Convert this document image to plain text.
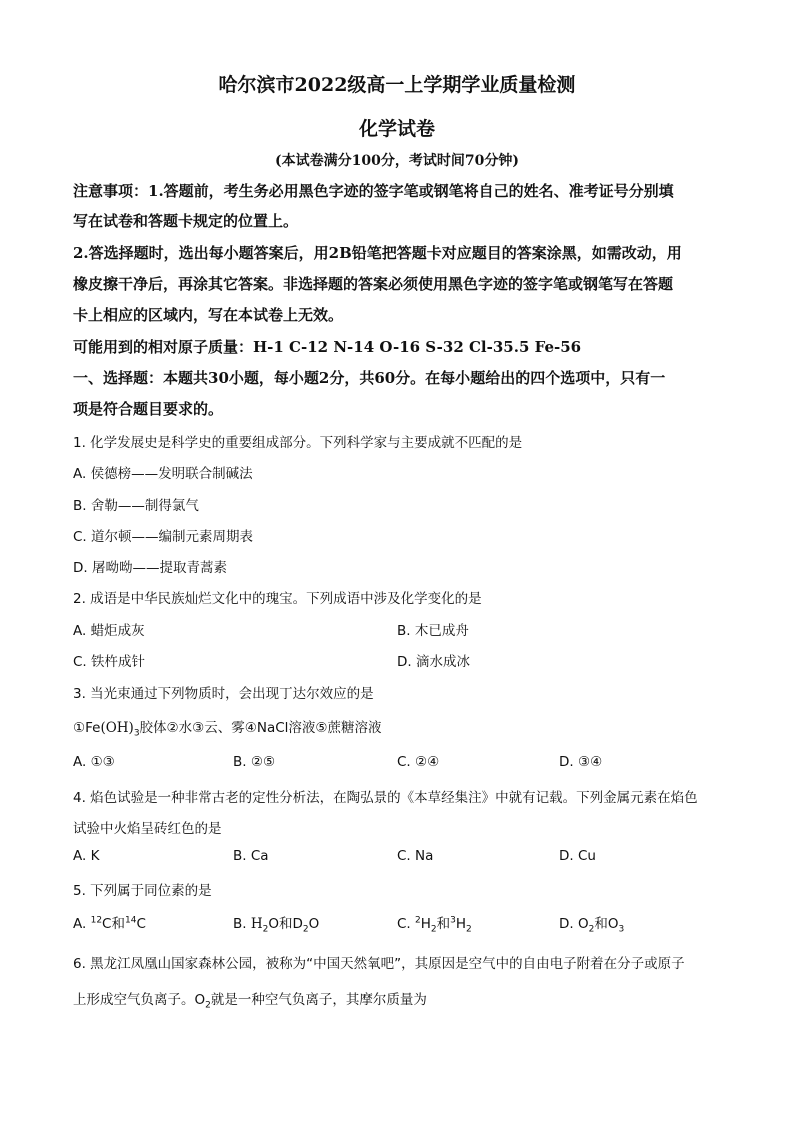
哈尔滨市2022级高一上学期学业质量检测
化学试卷
(本试卷满分100分，考试时间70分钟)
注意事项：1.答题前，考生务必用黑色字迹的签字笔或钢笔将自己的姓名、准考证号分别填
写在试卷和答题卡规定的位置上。
2.答选择题时，选出每小题答案后，用2B铅笔把答题卡对应题目的答案涂黑，如需改动，用
橡皮擦干净后，再涂其它答案。非选择题的答案必须使用黑色字迹的签字笔或钢笔写在答题
卡上相应的区域内，写在本试卷上无效。
可能用到的相对原子质量：H-1 C-12 N-14 O-16 S-32 Cl-35.5 Fe-56
一、选择题：本题共30小题，每小题2分，共60分。在每小题给出的四个选项中，只有一
项是符合题目要求的。
1. 化学发展史是科学史的重要组成部分。下列科学家与主要成就不匹配的是
A. 侯德榜——发明联合制碱法
B. 舍勒——制得氯气
C. 道尔顿——编制元素周期表
D. 屠呦呦——提取青蒿素
2. 成语是中华民族灿烂文化中的瑰宝。下列成语中涉及化学变化的是
A. 蜡炬成灰	B. 木已成舟
C. 铁杵成针	D. 滴水成冰
3. 当光束通过下列物质时，会出现丁达尔效应的是
$①Fe(OH)_3$胶体②水③云、雾④NaCl溶液⑤蔗糖溶液
A. ①③	B. ②⑤	C. ②④	D. ③④
4. 焰色试验是一种非常古老的定性分析法，在陶弘景的《本草经集注》中就有记载。下列金属元素在焰色
试验中火焰呈砖红色的是
A. K	B. Ca	C. Na	D. Cu
5. 下列属于同位素的是
A. $^{12}$C和$^{14}$C	B. $H_2O$和$D_2O$	C. $^2H_2$和$^3H_2$	D. $O_2$和$O_3$
6. 黑龙江凤凰山国家森林公园，被称为“中国天然氧吧”，其原因是空气中的自由电子附着在分子或原子
上形成空气负离子。$O_2$就是一种空气负离子，其摩尔质量为
